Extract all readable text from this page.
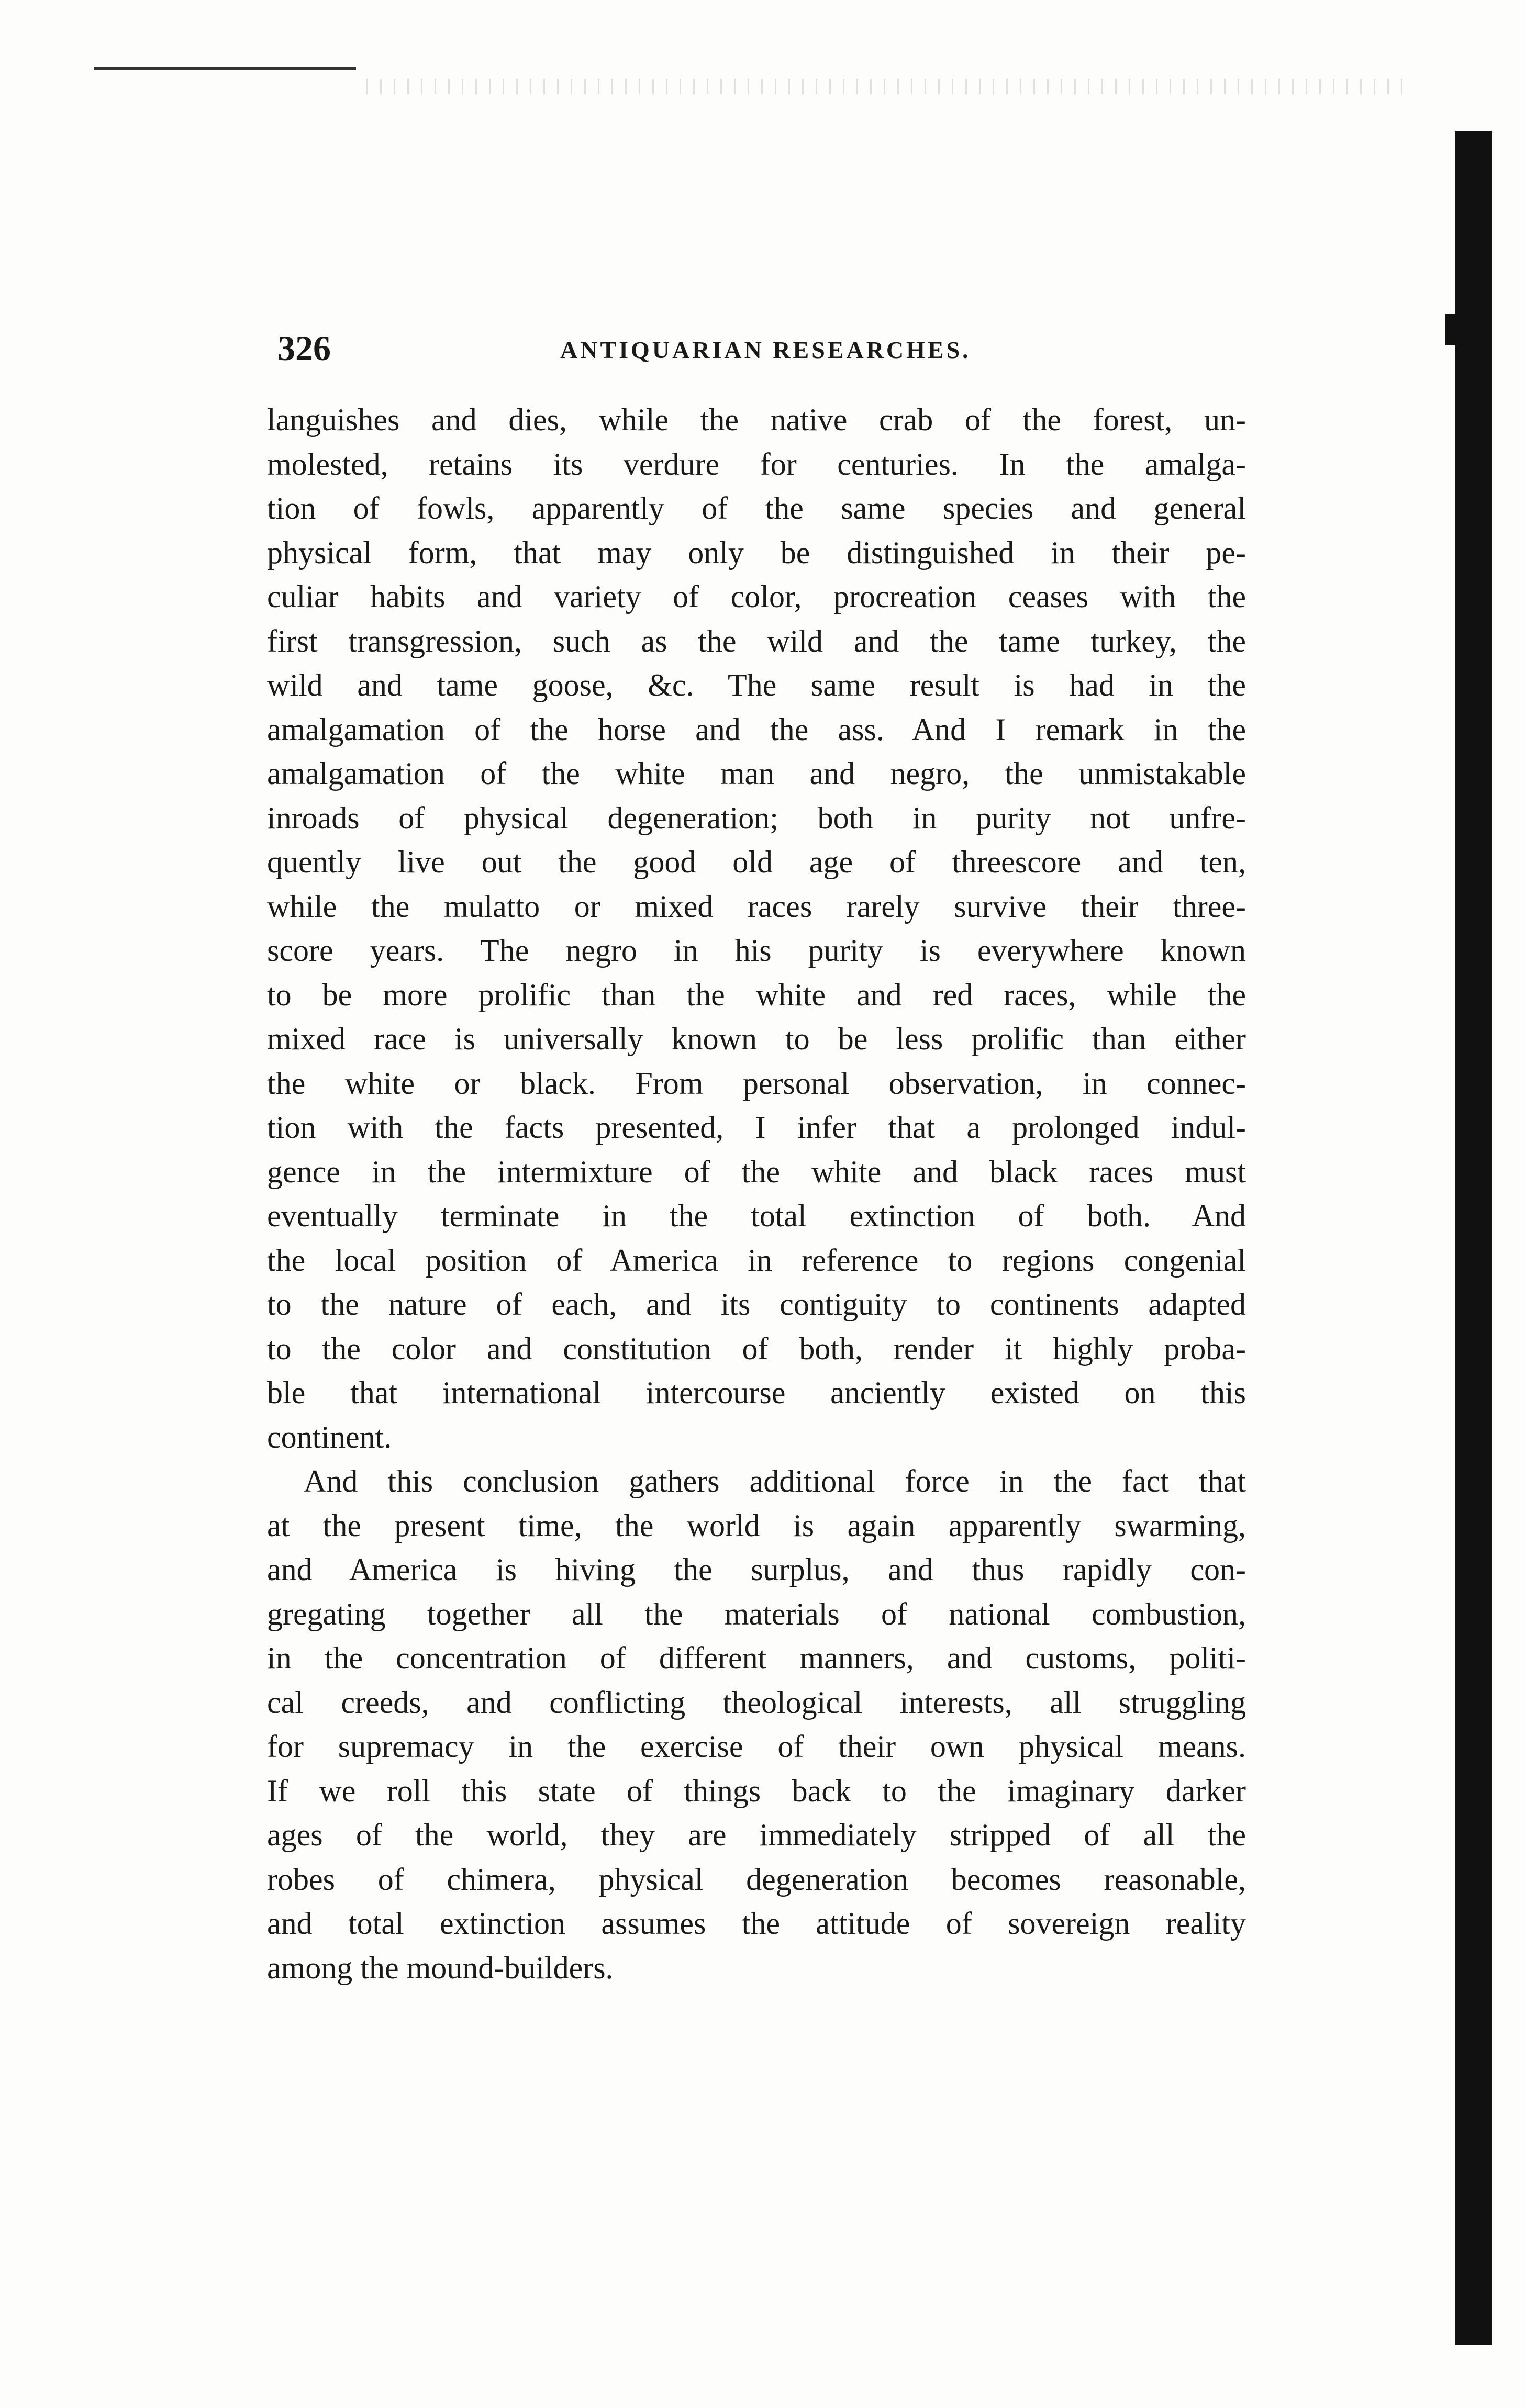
326	ANTIQUARIAN RESEARCHES.
languishes and dies, while the native crab of the forest, un-
molested, retains its verdure for centuries. In the amalga-
tion of fowls, apparently of the same species and general
physical form, that may only be distinguished in their pe-
culiar habits and variety of color, procreation ceases with the
first transgression, such as the wild and the tame turkey, the
wild and tame goose, &c. The same result is had in the
amalgamation of the horse and the ass. And I remark in the
amalgamation of the white man and negro, the unmistakable
inroads of physical degeneration; both in purity not unfre-
quently live out the good old age of threescore and ten,
while the mulatto or mixed races rarely survive their three-
score years. The negro in his purity is everywhere known
to be more prolific than the white and red races, while the
mixed race is universally known to be less prolific than either
the white or black. From personal observation, in connec-
tion with the facts presented, I infer that a prolonged indul-
gence in the intermixture of the white and black races must
eventually terminate in the total extinction of both. And
the local position of America in reference to regions congenial
to the nature of each, and its contiguity to continents adapted
to the color and constitution of both, render it highly proba-
ble that international intercourse anciently existed on this
continent.
And this conclusion gathers additional force in the fact that
at the present time, the world is again apparently swarming,
and America is hiving the surplus, and thus rapidly con-
gregating together all the materials of national combustion,
in the concentration of different manners, and customs, politi-
cal creeds, and conflicting theological interests, all struggling
for supremacy in the exercise of their own physical means.
If we roll this state of things back to the imaginary darker
ages of the world, they are immediately stripped of all the
robes of chimera, physical degeneration becomes reasonable,
and total extinction assumes the attitude of sovereign reality
among the mound-builders.
